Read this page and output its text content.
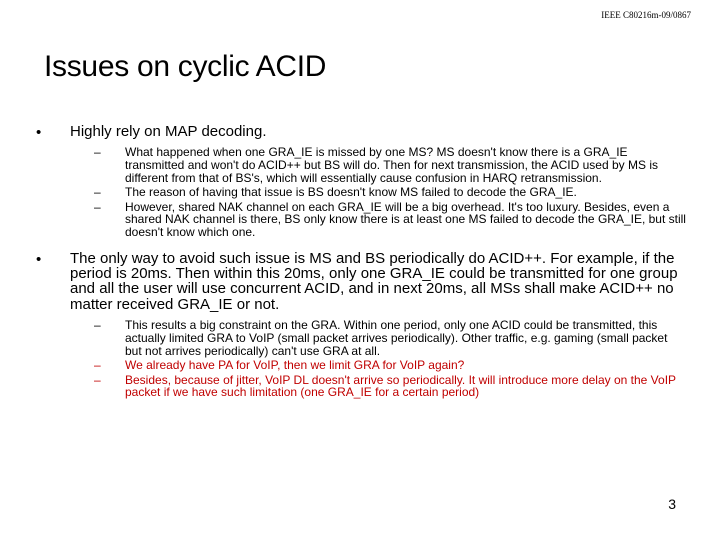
IEEE C80216m-09/0867
Issues on cyclic ACID
• Highly rely on MAP decoding.
– What happened when one GRA_IE is missed by one MS? MS doesn't know there is a GRA_IE transmitted and won't do ACID++ but BS will do. Then for next transmission, the ACID used by MS is different from that of BS's, which will essentially cause confusion in HARQ retransmission.
– The reason of having that issue is BS doesn't know MS failed to decode the GRA_IE.
– However, shared NAK channel on each GRA_IE will be a big overhead. It's too luxury. Besides, even a shared NAK channel is there, BS only know there is at least one MS failed to decode the GRA_IE, but still doesn't know which one.
• The only way to avoid such issue is MS and BS periodically do ACID++. For example, if the period is 20ms. Then within this 20ms, only one GRA_IE could be transmitted for one group and all the user will use concurrent ACID, and in next 20ms, all MSs shall make ACID++ no matter received GRA_IE or not.
– This results a big constraint on the GRA. Within one period, only one ACID could be transmitted, this actually limited GRA to VoIP (small packet arrives periodically). Other traffic, e.g. gaming (small packet but not arrives periodically) can't use GRA at all.
– We already have PA for VoIP, then we limit GRA for VoIP again?
– Besides, because of jitter, VoIP DL doesn't arrive so periodically. It will introduce more delay on the VoIP packet if we have such limitation (one GRA_IE for a certain period)
3
